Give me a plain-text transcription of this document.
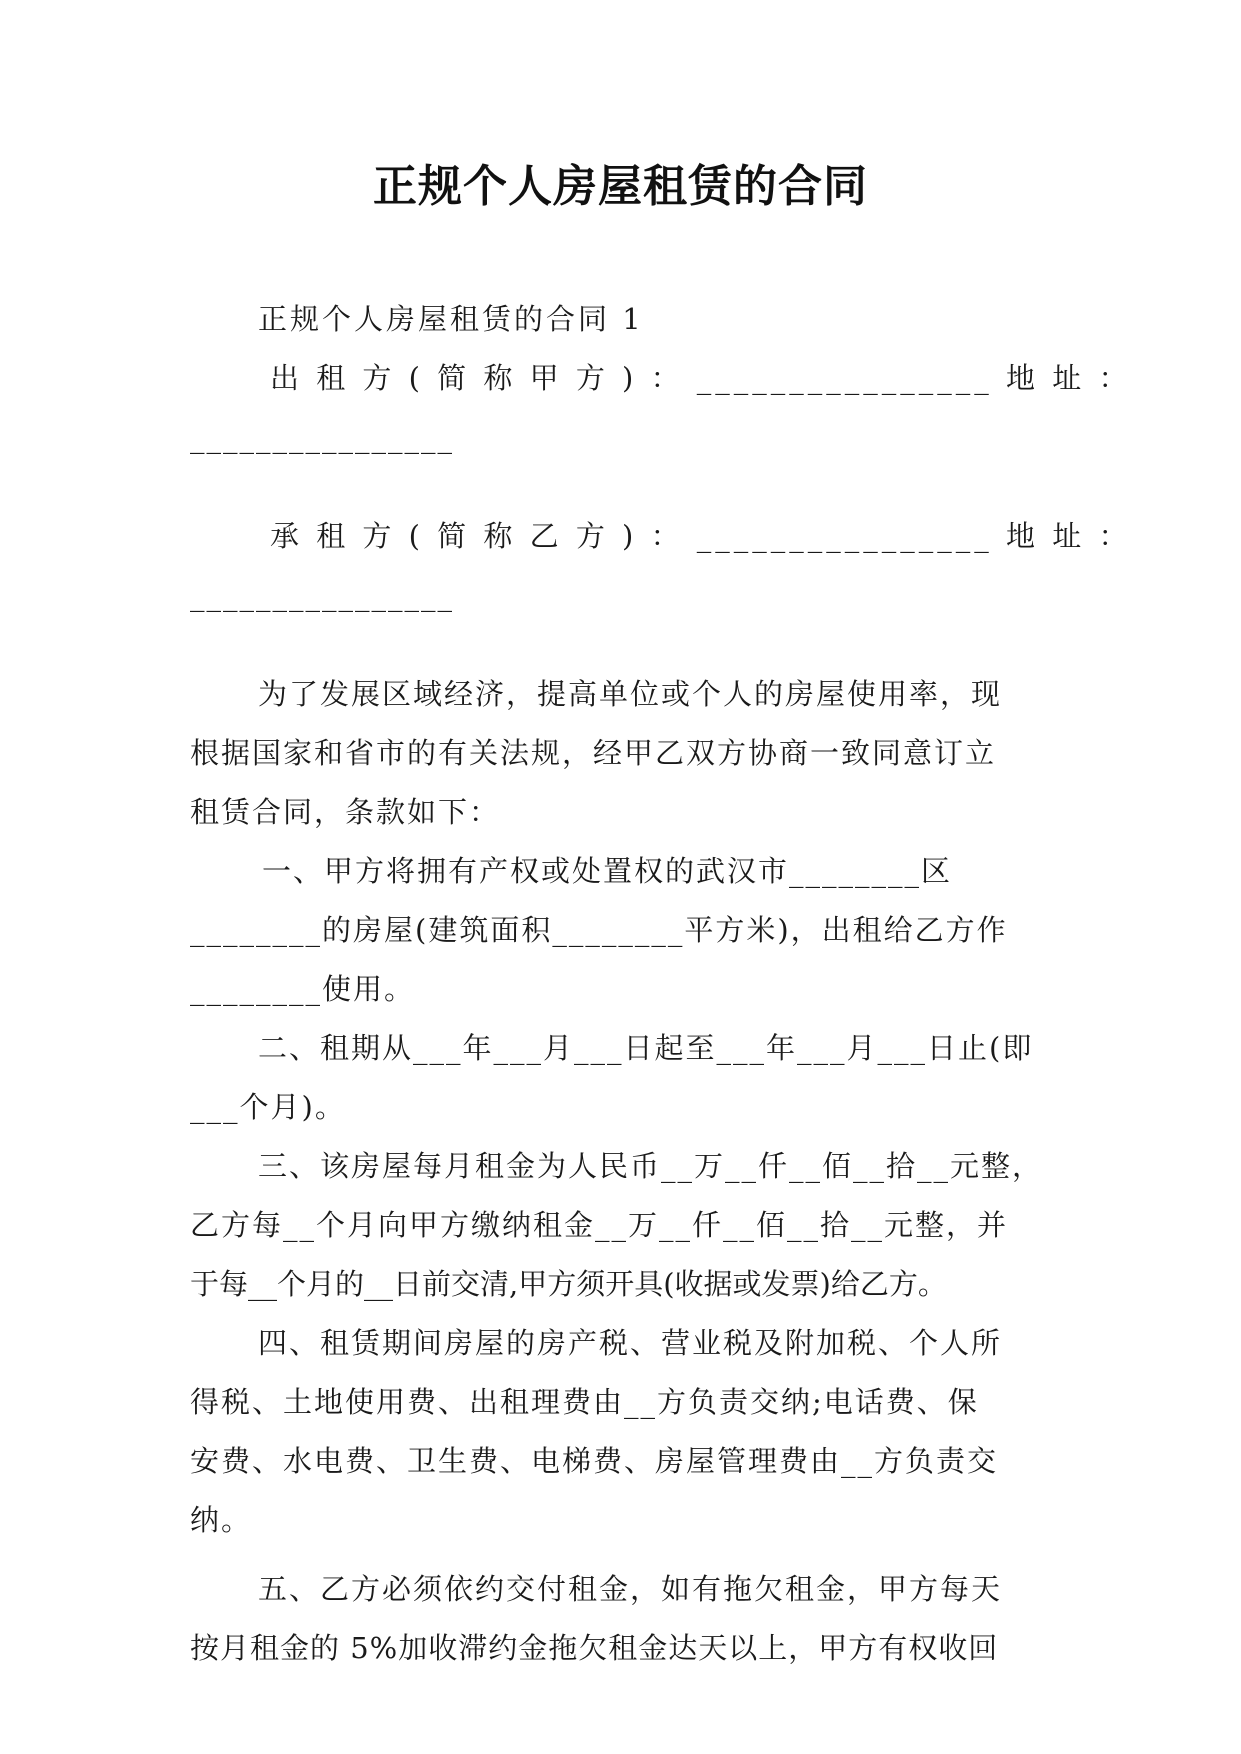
正规个人房屋租赁的合同
正规个人房屋租赁的合同 1
出 租 方 ( 简 称 甲 方 ) ： ________________ 地 址 ：
________________
承 租 方 ( 简 称 乙 方 ) ： ________________ 地 址 ：
________________
为了发展区域经济，提高单位或个人的房屋使用率，现
根据国家和省市的有关法规，经甲乙双方协商一致同意订立
租赁合同，条款如下：
一、甲方将拥有产权或处置权的武汉市________区
________的房屋(建筑面积________平方米)，出租给乙方作
________使用。
二、租期从___年___月___日起至___年___月___日止(即
___个月)。
三、该房屋每月租金为人民币__万__仟__佰__拾__元整，
乙方每__个月向甲方缴纳租金__万__仟__佰__拾__元整，并
于每__个月的__日前交清,甲方须开具(收据或发票)给乙方。
四、租赁期间房屋的房产税、营业税及附加税、个人所
得税、土地使用费、出租理费由__方负责交纳;电话费、保
安费、水电费、卫生费、电梯费、房屋管理费由__方负责交
纳。
五、乙方必须依约交付租金，如有拖欠租金，甲方每天
按月租金的 5%加收滞约金拖欠租金达天以上，甲方有权收回
